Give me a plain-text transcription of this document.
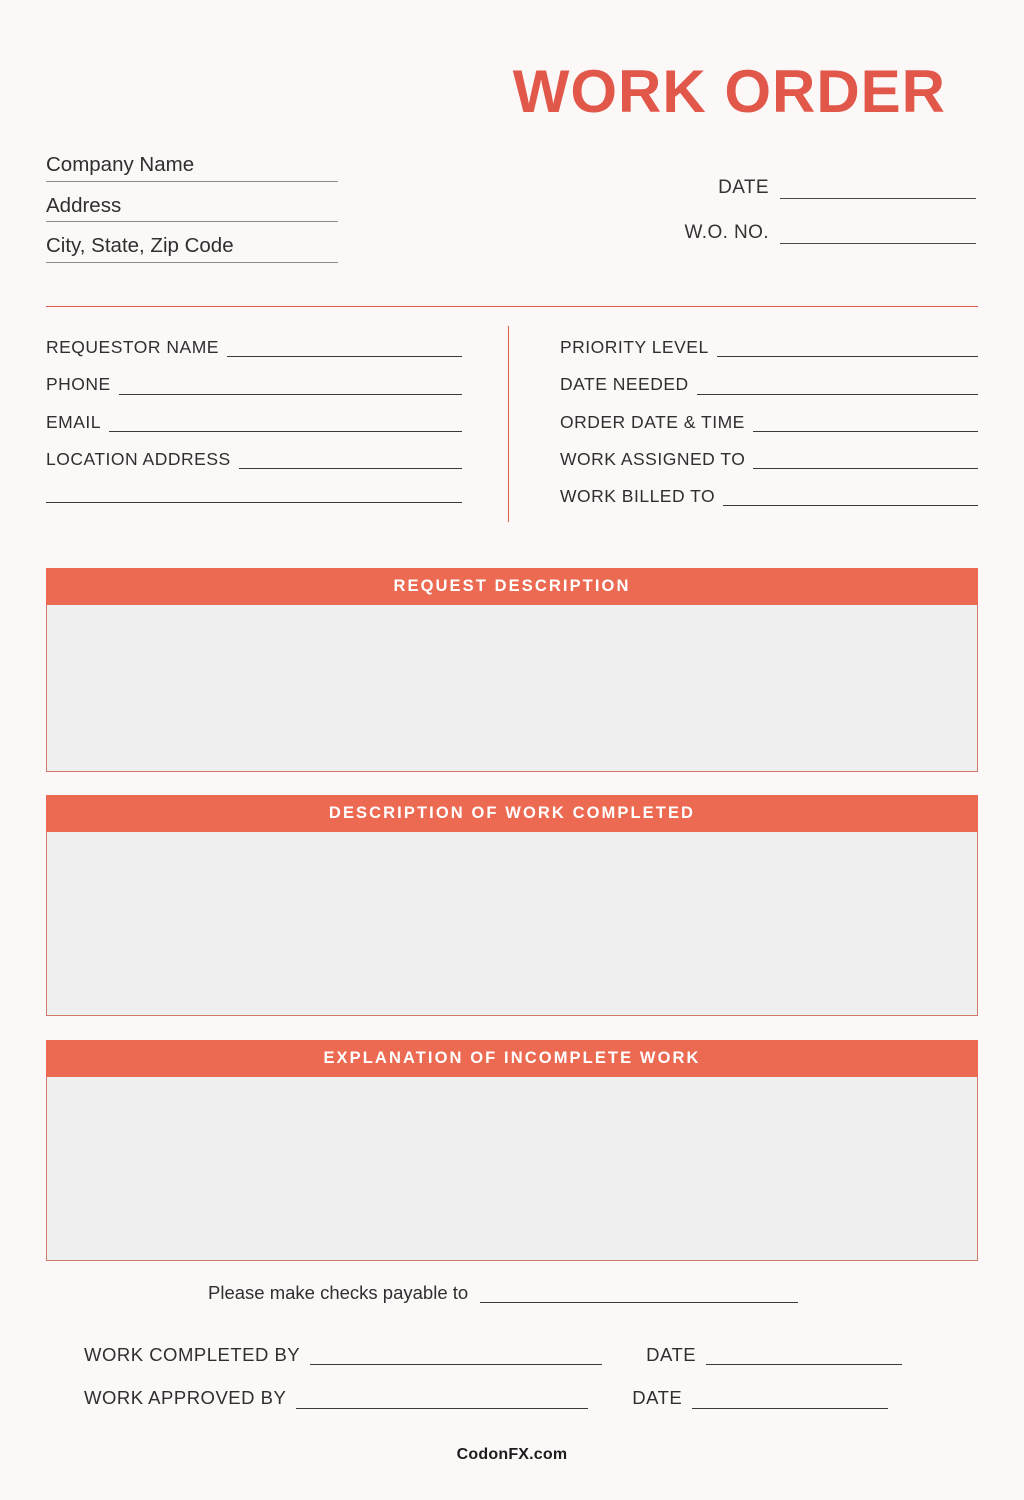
WORK ORDER
Company Name
Address
City, State, Zip Code
DATE
W.O. NO.
REQUESTOR NAME
PHONE
EMAIL
LOCATION ADDRESS
PRIORITY LEVEL
DATE NEEDED
ORDER DATE & TIME
WORK ASSIGNED TO
WORK BILLED TO
REQUEST DESCRIPTION
DESCRIPTION OF WORK COMPLETED
EXPLANATION OF INCOMPLETE WORK
Please make checks payable to
WORK COMPLETED BY	DATE
WORK APPROVED BY	DATE
CodonFX.com
